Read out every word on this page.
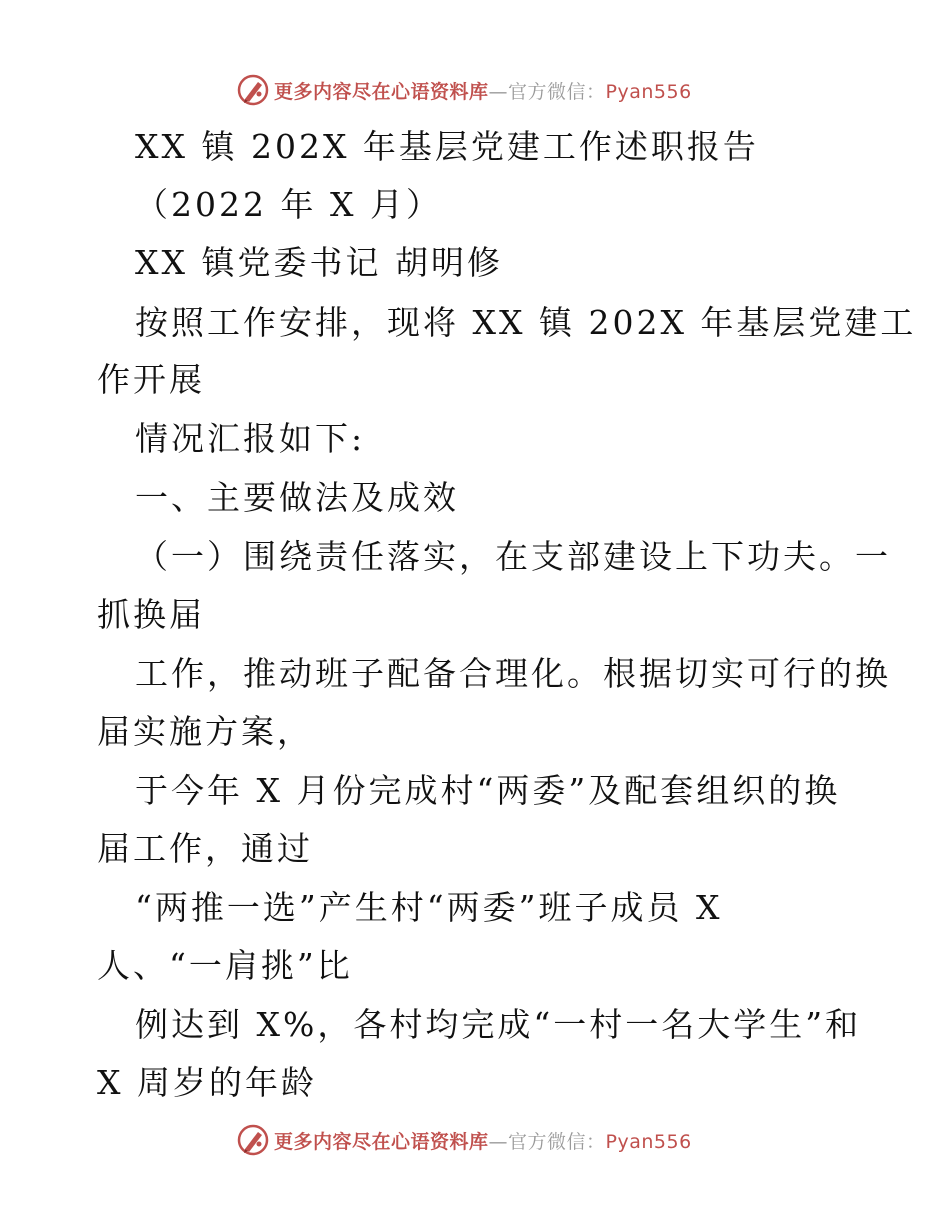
更多内容尽在心语资料库—官方微信：Pyan556
XX 镇 202X 年基层党建工作述职报告
（2022 年 X 月）
XX 镇党委书记 胡明修
按照工作安排，现将 XX 镇 202X 年基层党建工
作开展
情况汇报如下:
一、主要做法及成效
（一）围绕责任落实，在支部建设上下功夫。一
抓换届
工作，推动班子配备合理化。根据切实可行的换
届实施方案，
于今年 X 月份完成村“两委”及配套组织的换
届工作，通过
“两推一选”产生村“两委”班子成员 X
人、“一肩挑”比
例达到 X%，各村均完成“一村一名大学生”和
X 周岁的年龄
更多内容尽在心语资料库—官方微信：Pyan556
